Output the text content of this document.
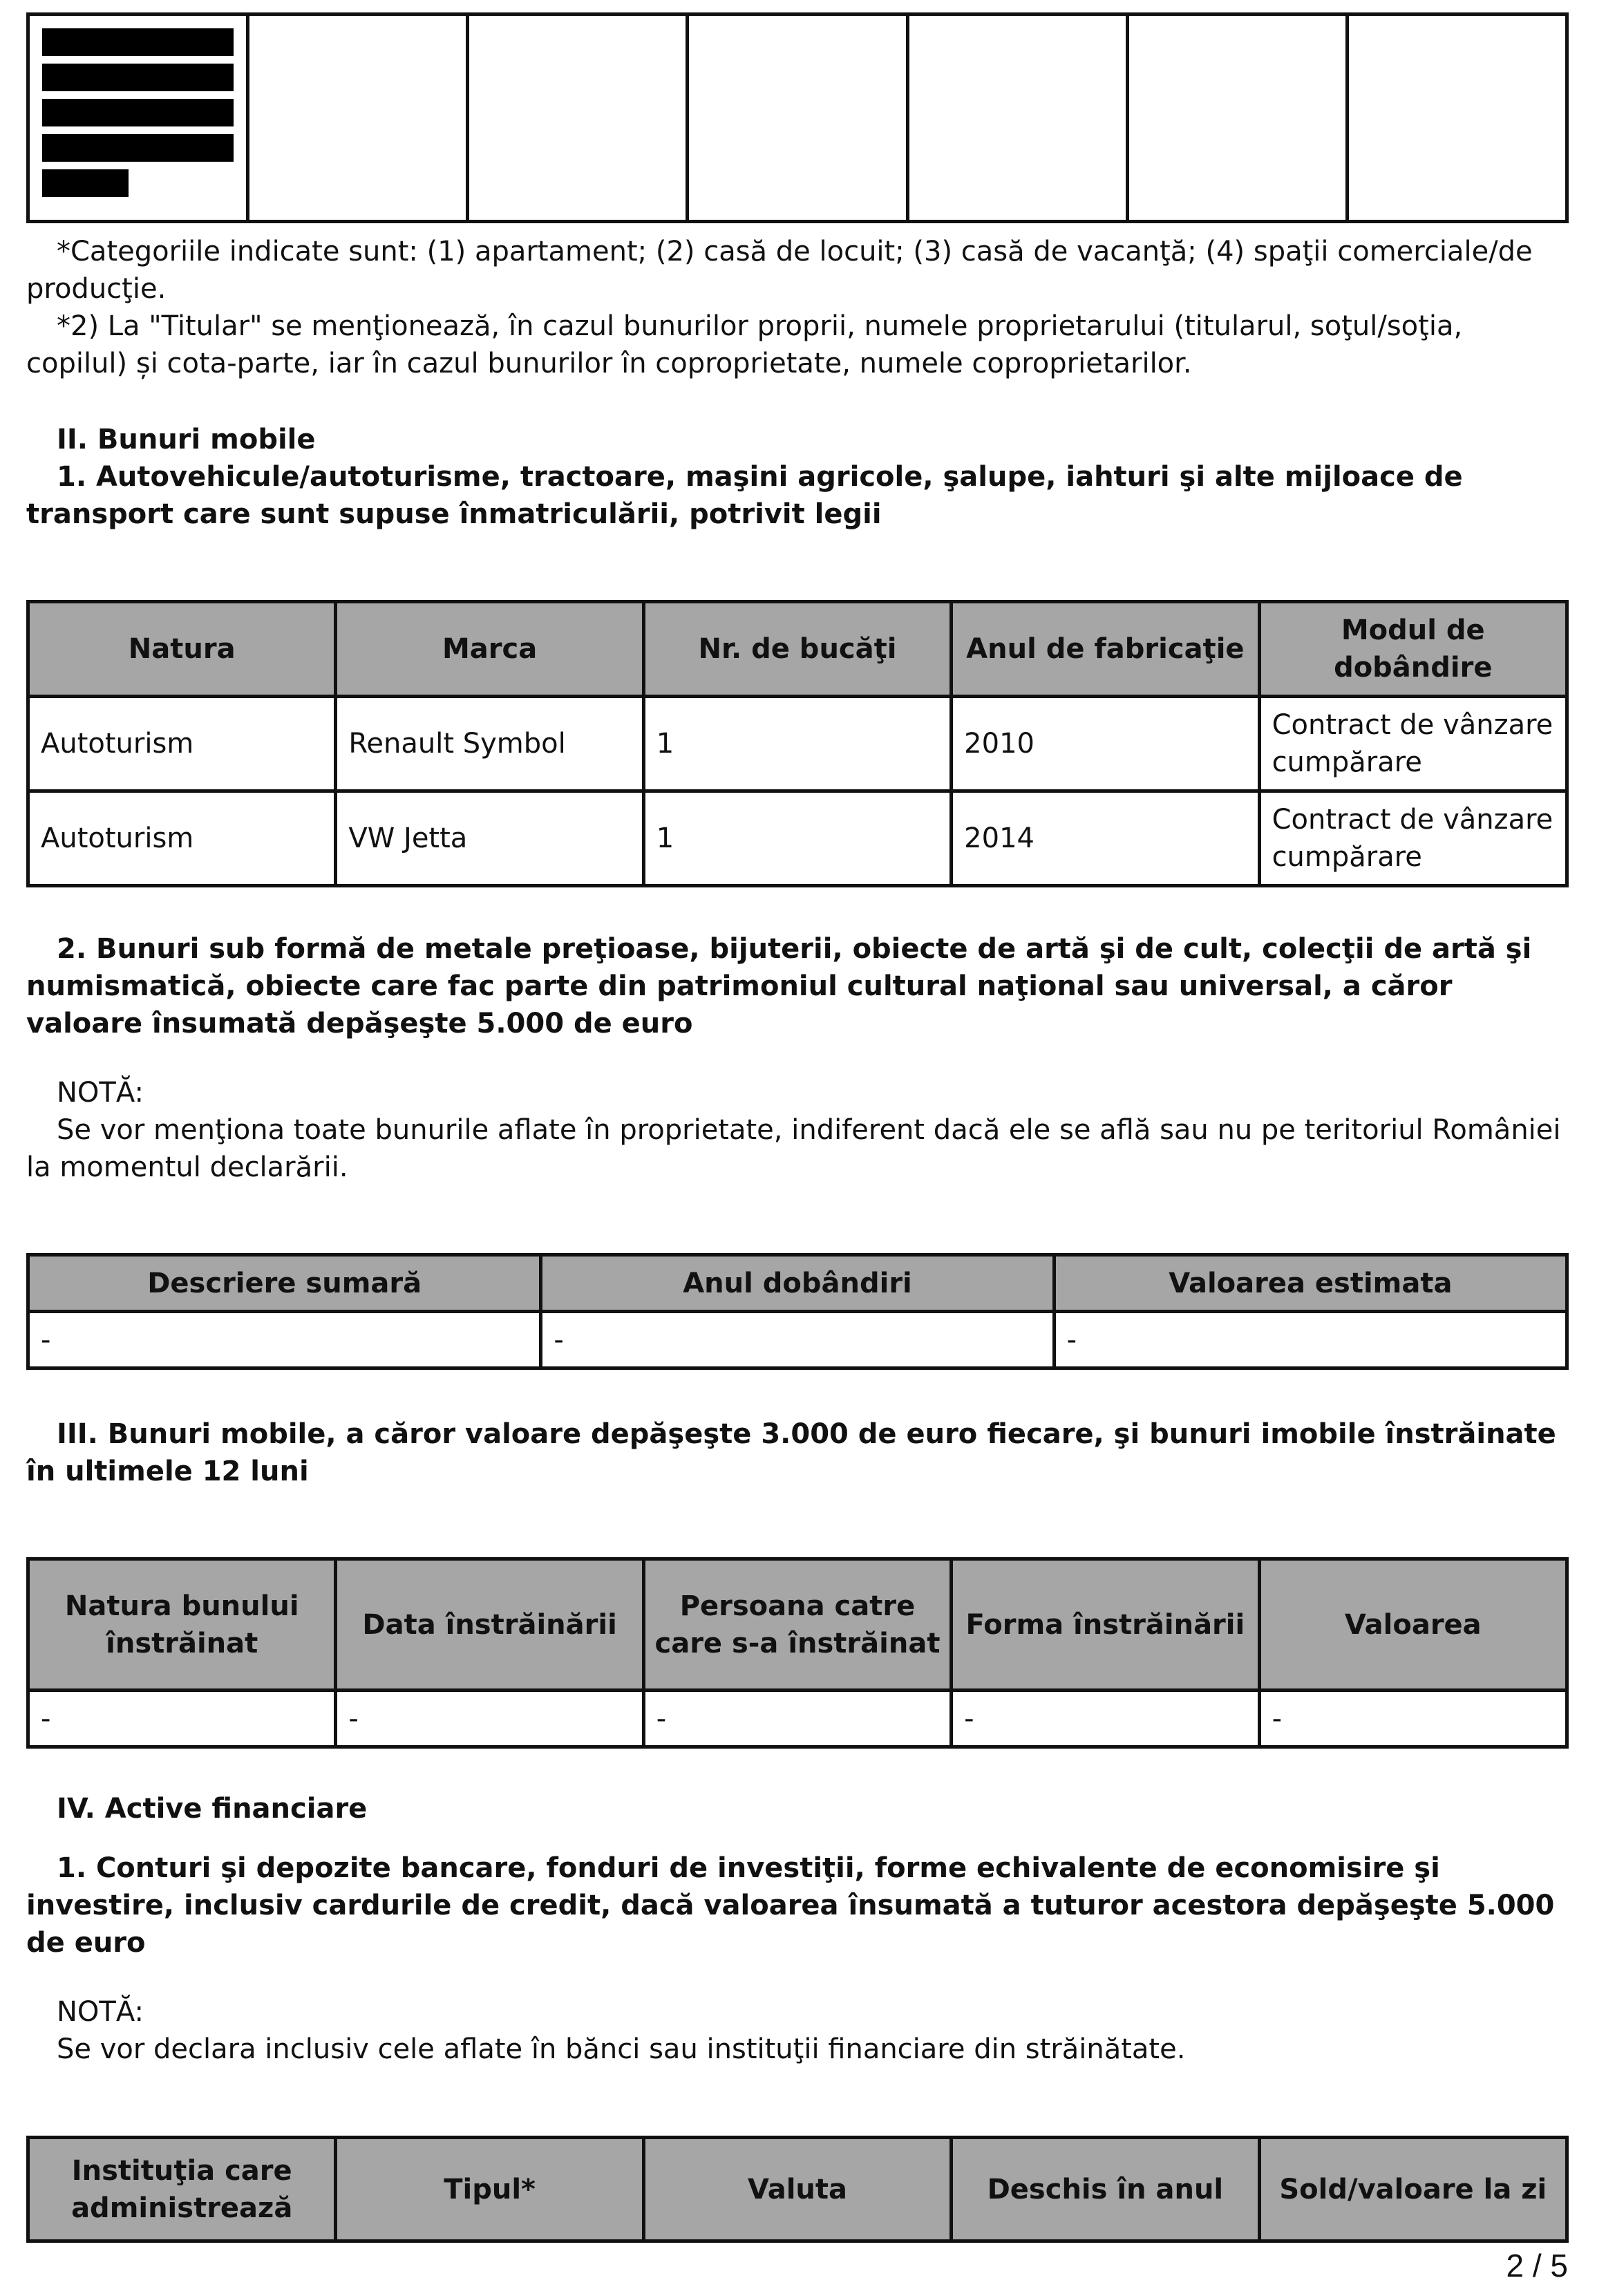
*Categoriile indicate sunt: (1) apartament; (2) casă de locuit; (3) casă de vacanţă; (4) spaţii comerciale/de producţie.

*2) La "Titular" se menţionează, în cazul bunurilor proprii, numele proprietarului (titularul, soţul/soţia, copilul) și cota-parte, iar în cazul bunurilor în coproprietate, numele coproprietarilor.

II. Bunuri mobile

1. Autovehicule/autoturisme, tractoare, maşini agricole, şalupe, iahturi şi alte mijloace de transport care sunt supuse înmatriculării, potrivit legii

Natura	Marca	Nr. de bucăţi	Anul de fabricaţie	Modul de dobândire
Autoturism	Renault Symbol	1	2010	Contract de vânzare cumpărare
Autoturism	VW Jetta	1	2014	Contract de vânzare cumpărare

2. Bunuri sub formă de metale preţioase, bijuterii, obiecte de artă şi de cult, colecţii de artă şi numismatică, obiecte care fac parte din patrimoniul cultural naţional sau universal, a căror valoare însumată depăşeşte 5.000 de euro

NOTĂ:

Se vor menţiona toate bunurile aflate în proprietate, indiferent dacă ele se află sau nu pe teritoriul României la momentul declarării.

Descriere sumară	Anul dobândiri	Valoarea estimata
-	-	-

III. Bunuri mobile, a căror valoare depăşeşte 3.000 de euro fiecare, şi bunuri imobile înstrăinate în ultimele 12 luni

Natura bunului înstrăinat	Data înstrăinării	Persoana catre care s-a înstrăinat	Forma înstrăinării	Valoarea
-	-	-	-	-

IV. Active financiare

1. Conturi şi depozite bancare, fonduri de investiţii, forme echivalente de economisire şi investire, inclusiv cardurile de credit, dacă valoarea însumată a tuturor acestora depăşeşte 5.000 de euro

NOTĂ:

Se vor declara inclusiv cele aflate în bănci sau instituţii financiare din străinătate.

Instituţia care administrează	Tipul*	Valuta	Deschis în anul	Sold/valoare la zi
2 / 5
